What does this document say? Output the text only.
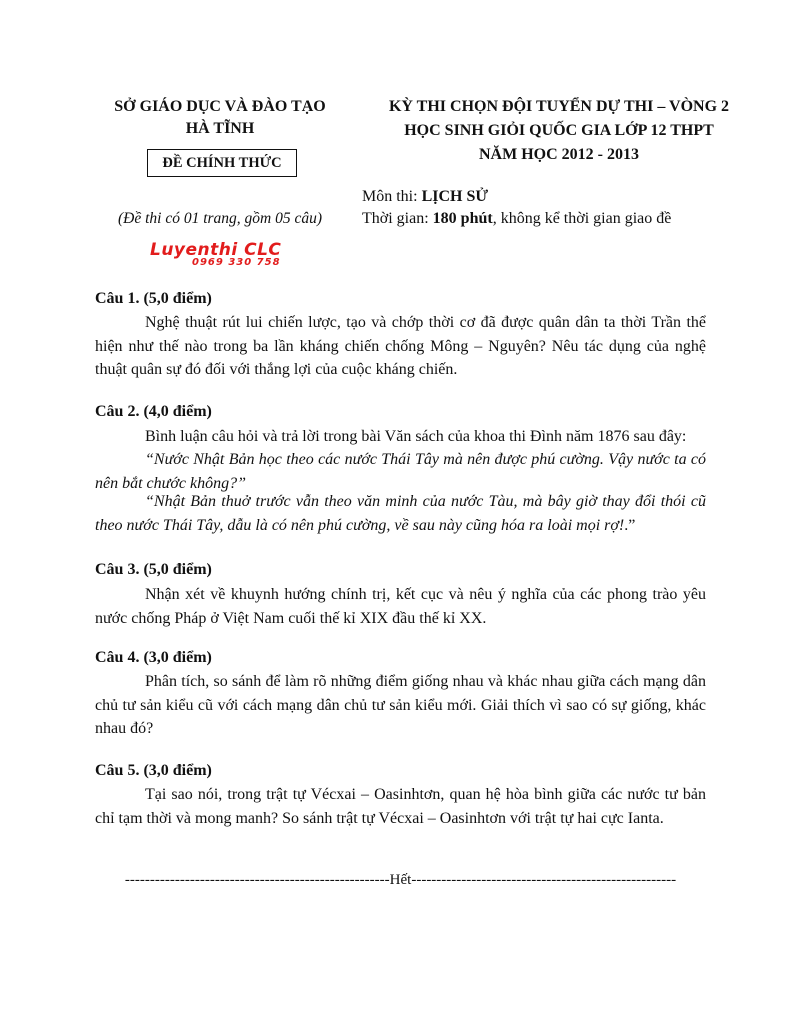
SỞ GIÁO DỤC VÀ ĐÀO TẠO
HÀ TĨNH
ĐỀ CHÍNH THỨC
KỲ THI CHỌN ĐỘI TUYỂN DỰ THI – VÒNG 2
HỌC SINH GIỎI QUỐC GIA LỚP 12 THPT
NĂM HỌC 2012 - 2013
Môn thi: LỊCH SỬ
Thời gian: 180 phút, không kể thời gian giao đề
(Đề thi có 01 trang, gồm 05 câu)
Luyenthi CLC
0969 330 758
Câu 1. (5,0 điểm)

Nghệ thuật rút lui chiến lược, tạo và chớp thời cơ đã được quân dân ta thời Trần thể hiện như thế nào trong ba lần kháng chiến chống Mông – Nguyên? Nêu tác dụng của nghệ thuật quân sự đó đối với thắng lợi của cuộc kháng chiến.

Câu 2. (4,0 điểm)

Bình luận câu hỏi và trả lời trong bài Văn sách của khoa thi Đình năm 1876 sau đây:

“Nước Nhật Bản học theo các nước Thái Tây mà nên được phú cường. Vậy nước ta có nên bắt chước không?”

“Nhật Bản thuở trước vẫn theo văn minh của nước Tàu, mà bây giờ thay đổi thói cũ theo nước Thái Tây, dẫu là có nên phú cường, về sau này cũng hóa ra loài mọi rợ!.”

Câu 3. (5,0 điểm)

Nhận xét về khuynh hướng chính trị, kết cục và nêu ý nghĩa của các phong trào yêu nước chống Pháp ở Việt Nam cuối thế kỉ XIX đầu thế kỉ XX.

Câu 4. (3,0 điểm)

Phân tích, so sánh để làm rõ những điểm giống nhau và khác nhau giữa cách mạng dân chủ tư sản kiểu cũ với cách mạng dân chủ tư sản kiểu mới. Giải thích vì sao có sự giống, khác nhau đó?

Câu 5. (3,0 điểm)

Tại sao nói, trong trật tự Vécxai – Oasinhtơn, quan hệ hòa bình giữa các nước tư bản chỉ tạm thời và mong manh? So sánh trật tự Vécxai – Oasinhtơn với trật tự hai cực Ianta.

-----------------------------------------------------Hết-----------------------------------------------------
